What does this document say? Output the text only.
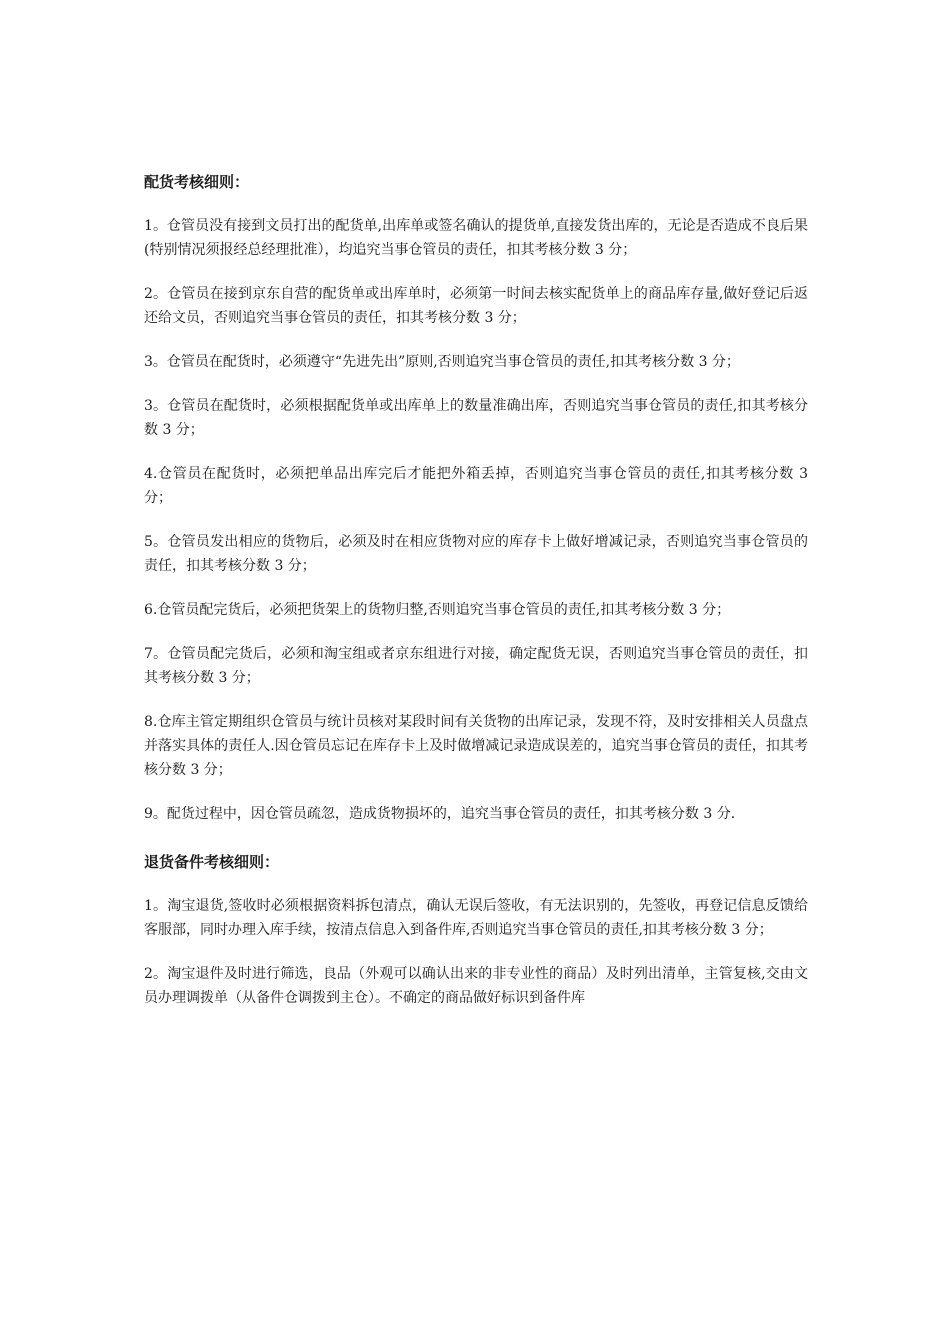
配货考核细则：

1。仓管员没有接到文员打出的配货单,出库单或签名确认的提货单,直接发货出库的，无论是否造成不良后果(特别情况须报经总经理批准），均追究当事仓管员的责任，扣其考核分数 3 分；

2。仓管员在接到京东自营的配货单或出库单时，必须第一时间去核实配货单上的商品库存量,做好登记后返还给文员，否则追究当事仓管员的责任，扣其考核分数 3 分；

3。仓管员在配货时，必须遵守“先进先出”原则,否则追究当事仓管员的责任,扣其考核分数 3 分；

3。仓管员在配货时，必须根据配货单或出库单上的数量准确出库，否则追究当事仓管员的责任,扣其考核分数 3 分；

4.仓管员在配货时，必须把单品出库完后才能把外箱丢掉，否则追究当事仓管员的责任,扣其考核分数 3 分；

5。仓管员发出相应的货物后，必须及时在相应货物对应的库存卡上做好增减记录，否则追究当事仓管员的责任，扣其考核分数 3 分；

6.仓管员配完货后，必须把货架上的货物归整,否则追究当事仓管员的责任,扣其考核分数 3 分；

7。仓管员配完货后，必须和淘宝组或者京东组进行对接，确定配货无误，否则追究当事仓管员的责任，扣其考核分数 3 分；

8.仓库主管定期组织仓管员与统计员核对某段时间有关货物的出库记录，发现不符，及时安排相关人员盘点并落实具体的责任人.因仓管员忘记在库存卡上及时做增减记录造成误差的，追究当事仓管员的责任，扣其考核分数 3 分；

9。配货过程中，因仓管员疏忽，造成货物损坏的，追究当事仓管员的责任，扣其考核分数 3 分.

退货备件考核细则：

1。淘宝退货,签收时必须根据资料拆包清点，确认无误后签收，有无法识别的，先签收，再登记信息反馈给客服部，同时办理入库手续，按清点信息入到备件库,否则追究当事仓管员的责任,扣其考核分数 3 分；

2。淘宝退件及时进行筛选，良品（外观可以确认出来的非专业性的商品）及时列出清单，主管复核,交由文员办理调拨单（从备件仓调拨到主仓）。不确定的商品做好标识到备件库
